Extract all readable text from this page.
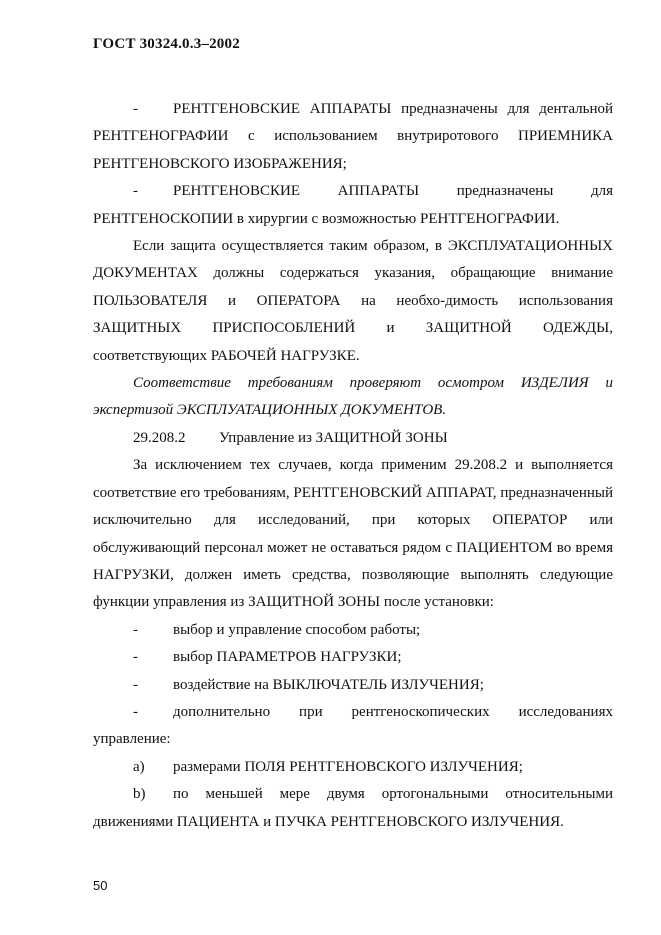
ГОСТ 30324.0.3–2002
-	РЕНТГЕНОВСКИЕ АППАРАТЫ предназначены для дентальной РЕНТГЕНОГРАФИИ с использованием внутриротового ПРИЕМНИКА РЕНТГЕНОВСКОГО ИЗОБРАЖЕНИЯ;
-	РЕНТГЕНОВСКИЕ АППАРАТЫ предназначены для РЕНТГЕНОСКОПИИ в хирургии с возможностью РЕНТГЕНОГРАФИИ.

Если защита осуществляется таким образом, в ЭКСПЛУАТАЦИОННЫХ ДОКУМЕНТАХ должны содержаться указания, обращающие внимание ПОЛЬЗОВАТЕЛЯ и ОПЕРАТОРА на необхо-димость использования ЗАЩИТНЫХ ПРИСПОСОБЛЕНИЙ и ЗАЩИТНОЙ ОДЕЖДЫ, соответствующих РАБОЧЕЙ НАГРУЗКЕ.

Соответствие требованиям проверяют осмотром ИЗДЕЛИЯ и экспертизой ЭКСПЛУАТАЦИОННЫХ ДОКУМЕНТОВ.

29.208.2	Управление из ЗАЩИТНОЙ ЗОНЫ

За исключением тех случаев, когда применим 29.208.2 и выполняется соответствие его требованиям, РЕНТГЕНОВСКИЙ АППАРАТ, предназначенный исключительно для исследований, при которых ОПЕРАТОР или обслуживающий персонал может не оставаться рядом с ПАЦИЕНТОМ во время НАГРУЗКИ, должен иметь средства, позволяющие выполнять следующие функции управления из ЗАЩИТНОЙ ЗОНЫ после установки:

-	выбор и управление способом работы;
-	выбор ПАРАМЕТРОВ НАГРУЗКИ;
-	воздействие на ВЫКЛЮЧАТЕЛЬ ИЗЛУЧЕНИЯ;
-	дополнительно при рентгеноскопических исследованиях управление:
a)	размерами ПОЛЯ РЕНТГЕНОВСКОГО ИЗЛУЧЕНИЯ;
b)	по меньшей мере двумя ортогональными относительными движениями ПАЦИЕНТА и ПУЧКА РЕНТГЕНОВСКОГО ИЗЛУЧЕНИЯ.
50
